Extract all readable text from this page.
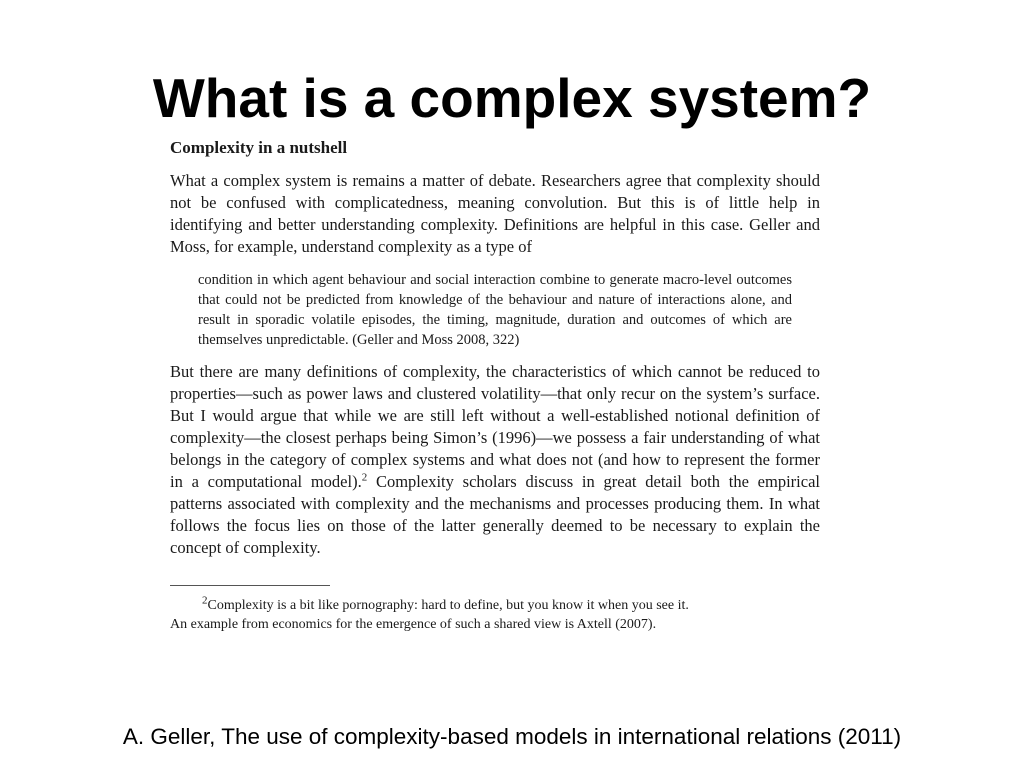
What is a complex system?

Complexity in a nutshell

What a complex system is remains a matter of debate. Researchers agree that complexity should not be confused with complicatedness, meaning convolution. But this is of little help in identifying and better understanding complexity. Definitions are helpful in this case. Geller and Moss, for example, understand complexity as a type of

condition in which agent behaviour and social interaction combine to generate macro-level outcomes that could not be predicted from knowledge of the behaviour and nature of interactions alone, and result in sporadic volatile episodes, the timing, magnitude, duration and outcomes of which are themselves unpredictable. (Geller and Moss 2008, 322)

But there are many definitions of complexity, the characteristics of which cannot be reduced to properties—such as power laws and clustered volatility—that only recur on the system’s surface. But I would argue that while we are still left without a well-established notional definition of complexity—the closest perhaps being Simon’s (1996)—we possess a fair understanding of what belongs in the category of complex systems and what does not (and how to represent the former in a computational model).$^2$ Complexity scholars discuss in great detail both the empirical patterns associated with complexity and the mechanisms and processes producing them. In what follows the focus lies on those of the latter generally deemed to be necessary to explain the concept of complexity.

$^2$Complexity is a bit like pornography: hard to define, but you know it when you see it.

An example from economics for the emergence of such a shared view is Axtell (2007).

A. Geller, The use of complexity-based models in international relations (2011)
